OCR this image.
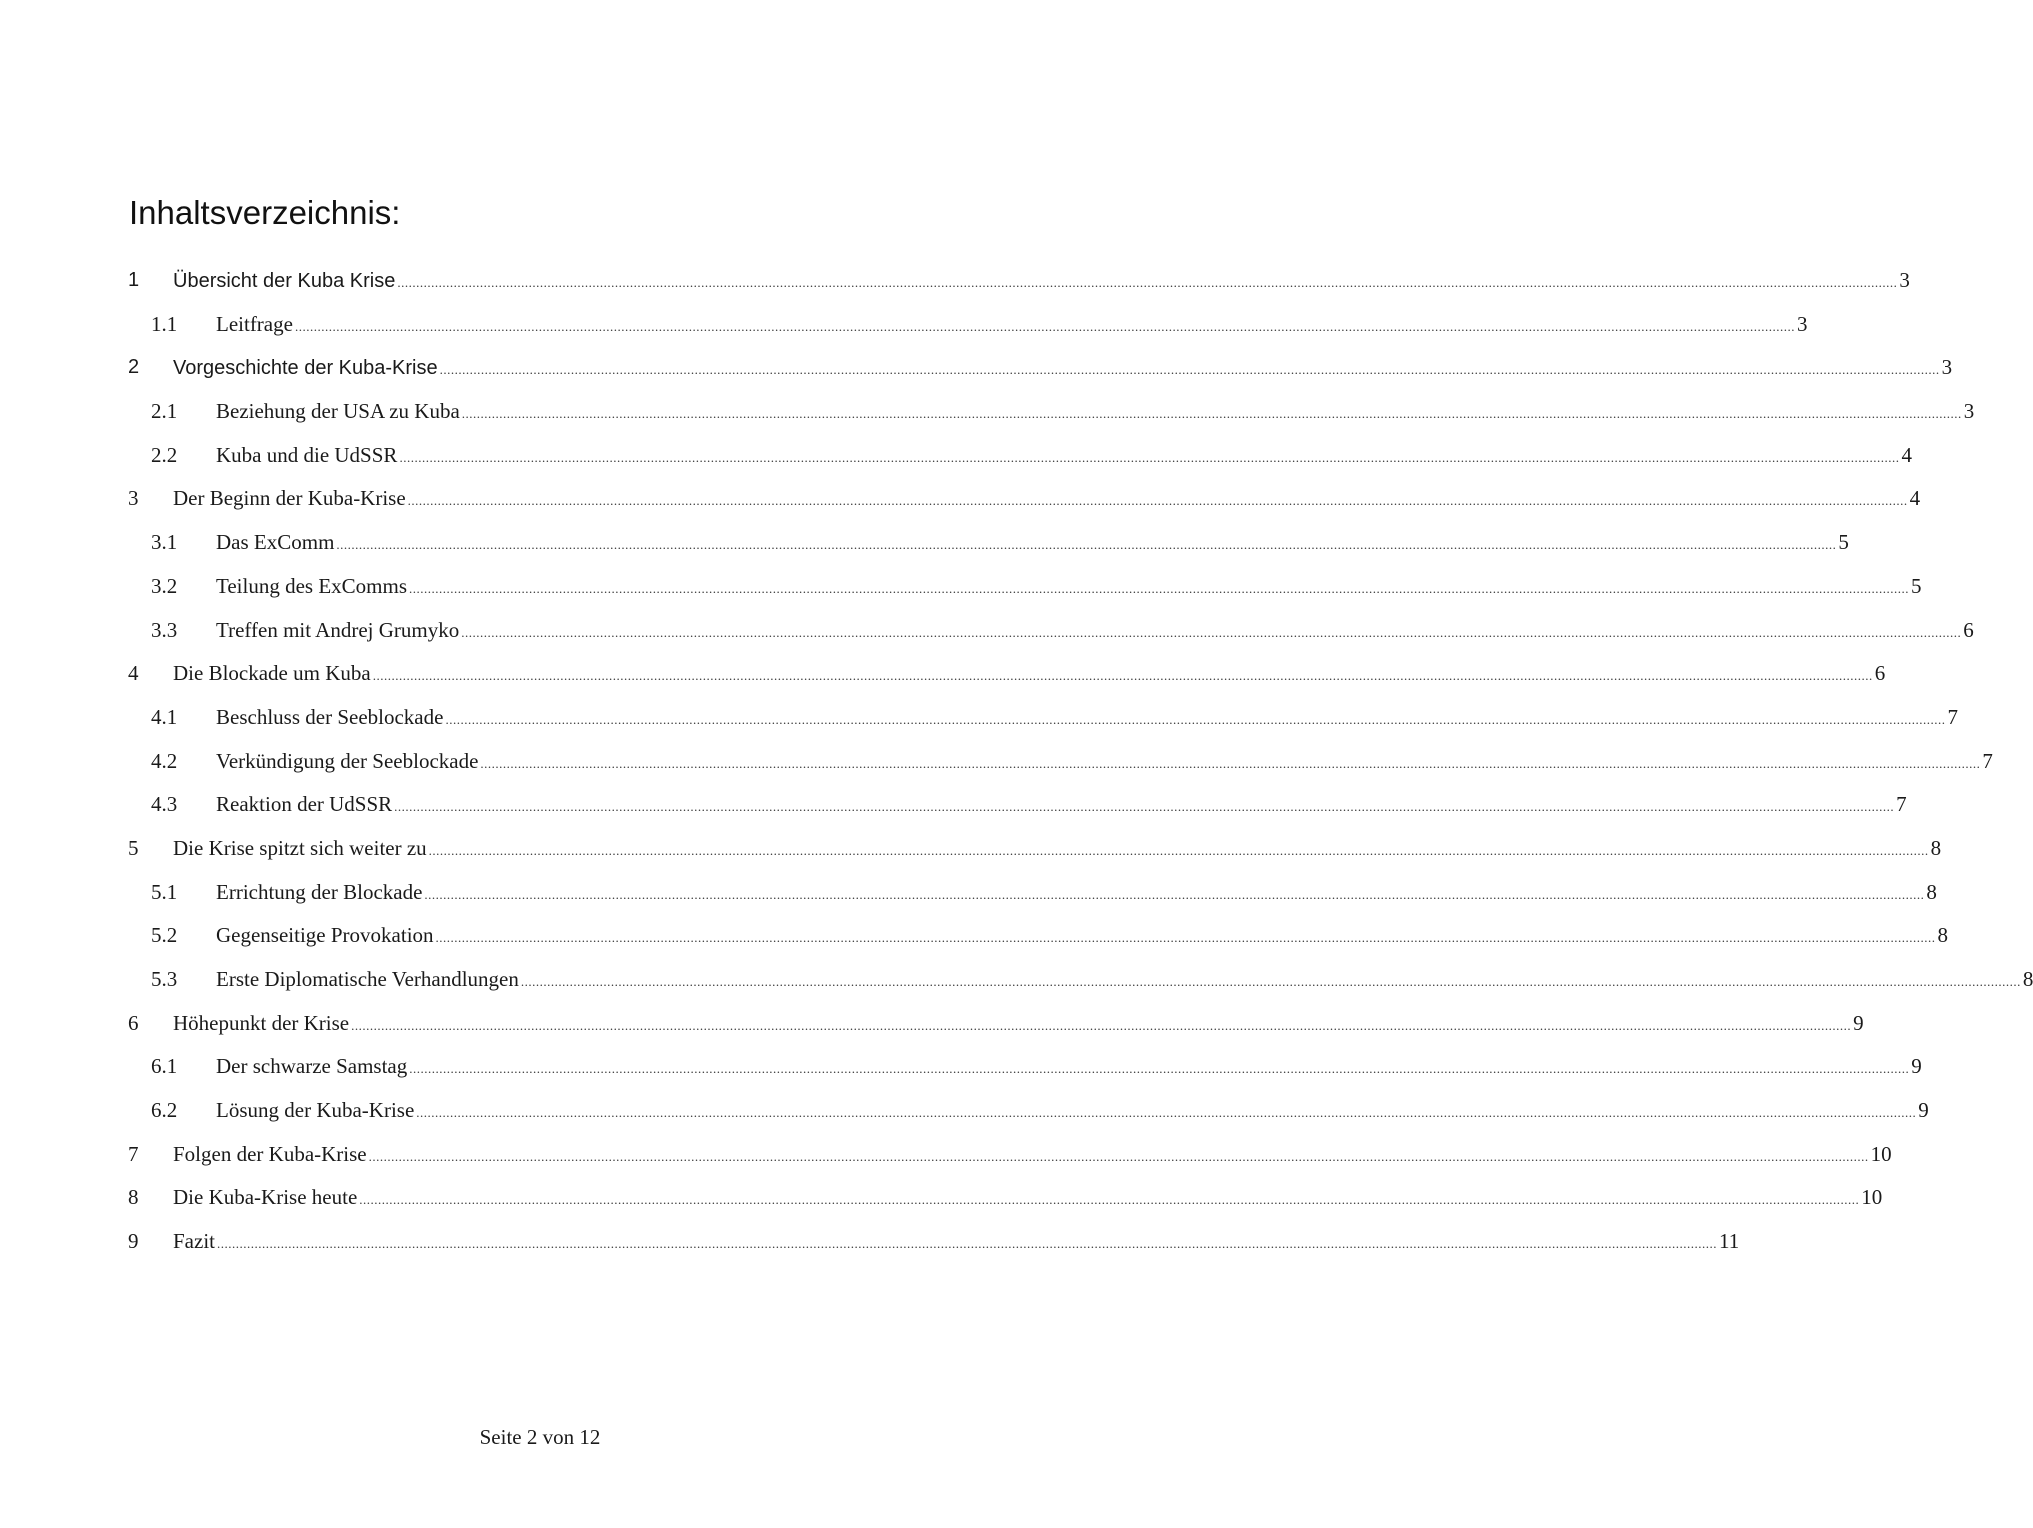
Inhaltsverzeichnis:
1 Übersicht der Kuba Krise ................................................................................................................................................................................................................................................................................................................................................................................................................ 3
1.1 Leitfrage ................................................................................................................................................................................................................................................................................................................................................................................................................ 3
2 Vorgeschichte der Kuba-Krise ................................................................................................................................................................................................................................................................................................................................................................................................................ 3
2.1 Beziehung der USA zu Kuba ................................................................................................................................................................................................................................................................................................................................................................................................................ 3
2.2 Kuba und die UdSSR ................................................................................................................................................................................................................................................................................................................................................................................................................ 4
3 Der Beginn der Kuba-Krise ................................................................................................................................................................................................................................................................................................................................................................................................................ 4
3.1 Das ExComm ................................................................................................................................................................................................................................................................................................................................................................................................................ 5
3.2 Teilung des ExComms ................................................................................................................................................................................................................................................................................................................................................................................................................ 5
3.3 Treffen mit Andrej Grumyko ................................................................................................................................................................................................................................................................................................................................................................................................................ 6
4 Die Blockade um Kuba ................................................................................................................................................................................................................................................................................................................................................................................................................ 6
4.1 Beschluss der Seeblockade ................................................................................................................................................................................................................................................................................................................................................................................................................ 7
4.2 Verkündigung der Seeblockade ................................................................................................................................................................................................................................................................................................................................................................................................................ 7
4.3 Reaktion der UdSSR ................................................................................................................................................................................................................................................................................................................................................................................................................ 7
5 Die Krise spitzt sich weiter zu ................................................................................................................................................................................................................................................................................................................................................................................................................ 8
5.1 Errichtung der Blockade ................................................................................................................................................................................................................................................................................................................................................................................................................ 8
5.2 Gegenseitige Provokation ................................................................................................................................................................................................................................................................................................................................................................................................................ 8
5.3 Erste Diplomatische Verhandlungen ................................................................................................................................................................................................................................................................................................................................................................................................................ 8
6 Höhepunkt der Krise ................................................................................................................................................................................................................................................................................................................................................................................................................ 9
6.1 Der schwarze Samstag ................................................................................................................................................................................................................................................................................................................................................................................................................ 9
6.2 Lösung der Kuba-Krise ................................................................................................................................................................................................................................................................................................................................................................................................................ 9
7 Folgen der Kuba-Krise ................................................................................................................................................................................................................................................................................................................................................................................................................ 10
8 Die Kuba-Krise heute ................................................................................................................................................................................................................................................................................................................................................................................................................ 10
9 Fazit ................................................................................................................................................................................................................................................................................................................................................................................................................ 11
Seite 2 von 12
